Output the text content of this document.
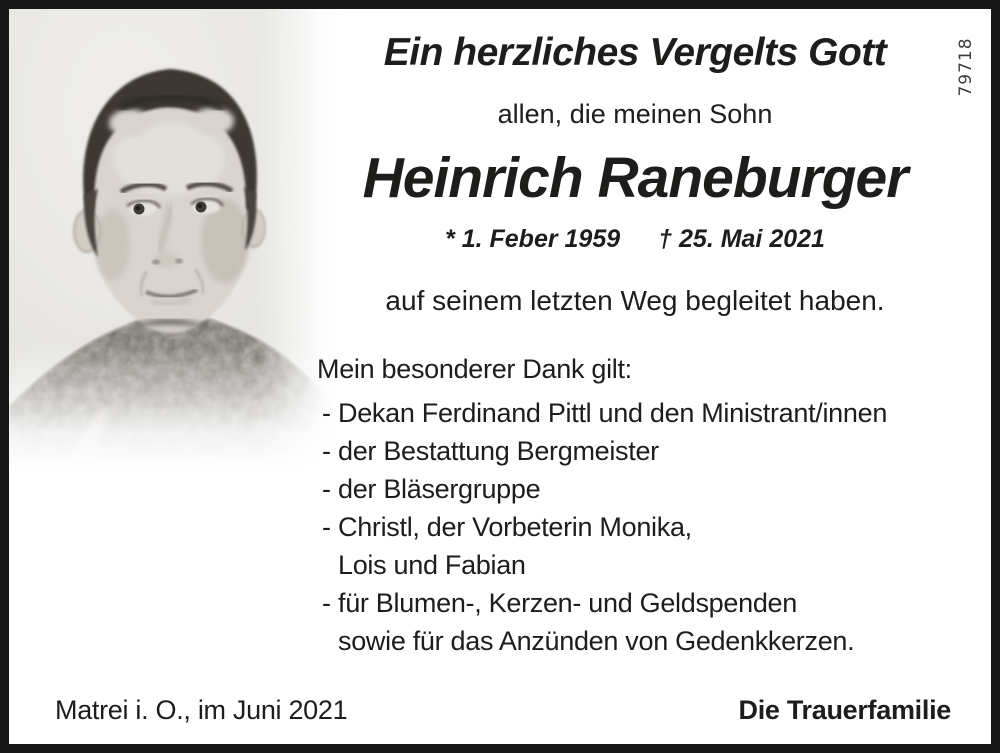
79718
Ein herzliches Vergelts Gott
allen, die meinen Sohn
Heinrich Raneburger
* 1. Feber 1959 † 25. Mai 2021
auf seinem letzten Weg begleitet haben.
Mein besonderer Dank gilt:
- Dekan Ferdinand Pittl und den Ministrant/innen
- der Bestattung Bergmeister
- der Bläsergruppe
- Christl, der Vorbeterin Monika,
Lois und Fabian
- für Blumen-, Kerzen- und Geldspenden
sowie für das Anzünden von Gedenkkerzen.
Matrei i. O., im Juni 2021	Die Trauerfamilie
